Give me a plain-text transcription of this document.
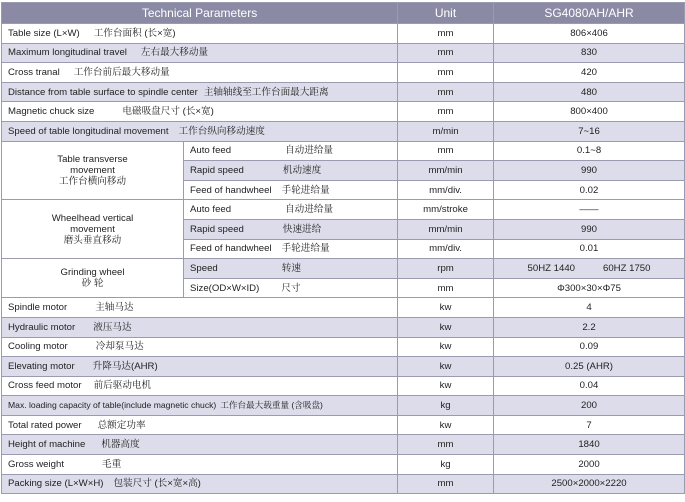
Technical Parameters		Unit	SG4080AH/AHR
Table size (L×W) 工作台面积 (长×宽)		mm	806×406
Maximum longitudinal travel 左右最大移动量		mm	830
Cross tranal 工作台前后最大移动量		mm	420
Distance from table surface to spindle center 主轴轴线至工作台面最大距离		mm	480
Magnetic chuck size 电磁吸盘尺寸 (长×宽)		mm	800×400
Speed of table longitudinal movement 工作台纵向移动速度		m/min	7~16

Table transverse
movement
工作台横向移动	Auto feed 自动进给量	mm	0.1~8
	Rapid speed 机动速度	mm/min	990
	Feed of handwheel 手轮进给量	mm/div.	0.02

Wheelhead vertical
movement
磨头垂直移动	Auto feed 自动进给量	mm/stroke	——
	Rapid speed 快速进给	mm/min	990
	Feed of handwheel 手轮进给量	mm/div.	0.01

Grinding wheel
砂 轮	Speed 转速	rpm	50HZ 1440 60HZ 1750
	Size(OD×W×ID) 尺寸	mm	Φ300×30×Φ75
Spindle motor 主轴马达		kw	4
Hydraulic motor 液压马达		kw	2.2
Cooling motor 冷却泵马达		kw	0.09
Elevating motor 升降马达(AHR)		kw	0.25 (AHR)
Cross feed motor 前后驱动电机		kw	0.04
Max. loading capacity of table(include magnetic chuck) 工作台最大载重量 (含吸盘)		kg	200
Total rated power 总额定功率		kw	7
Height of machine 机器高度		mm	1840
Gross weight 毛重		kg	2000
Packing size (L×W×H) 包装尺寸 (长×宽×高)		mm	2500×2000×2220
